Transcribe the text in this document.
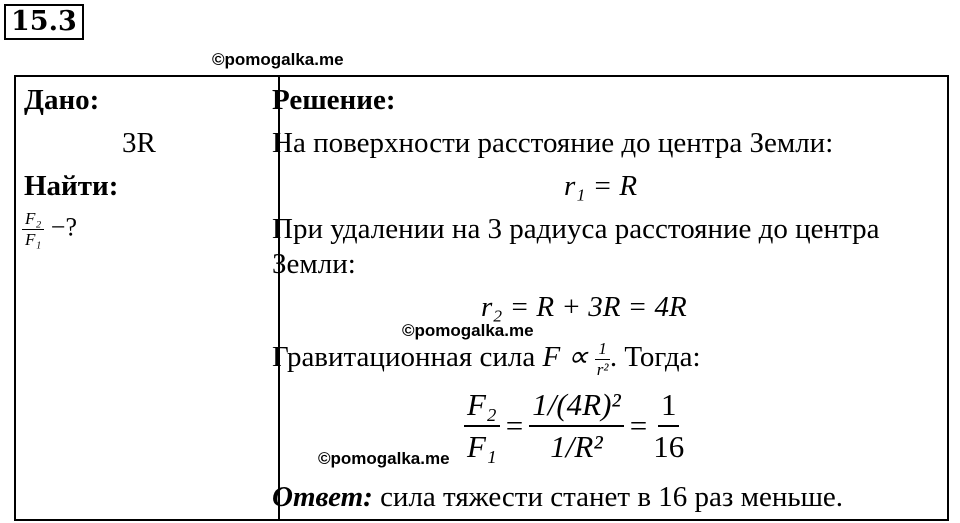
15.3
©pomogalka.me
Дано:
3R
Найти:
$\frac{\text{F₂}}{\text{F₁}}$ −?
Решение:
На поверхности расстояние до центра Земли:
r₁ = R
При удалении на 3 радиуса расстояние до центра
Земли:
r₂ = R + 3R = 4R
©pomogalka.me
Гравитационная сила $F \propto \frac{1}{\text{r²}}$ . Тогда:
©pomogalka.me $\frac{\text{F₂}}{\text{F₁}} = \frac{\text{1/(4R)²}}{\text{1/R²}} = \frac{1}{16}$
Ответ: сила тяжести станет в 16 раз меньше.
